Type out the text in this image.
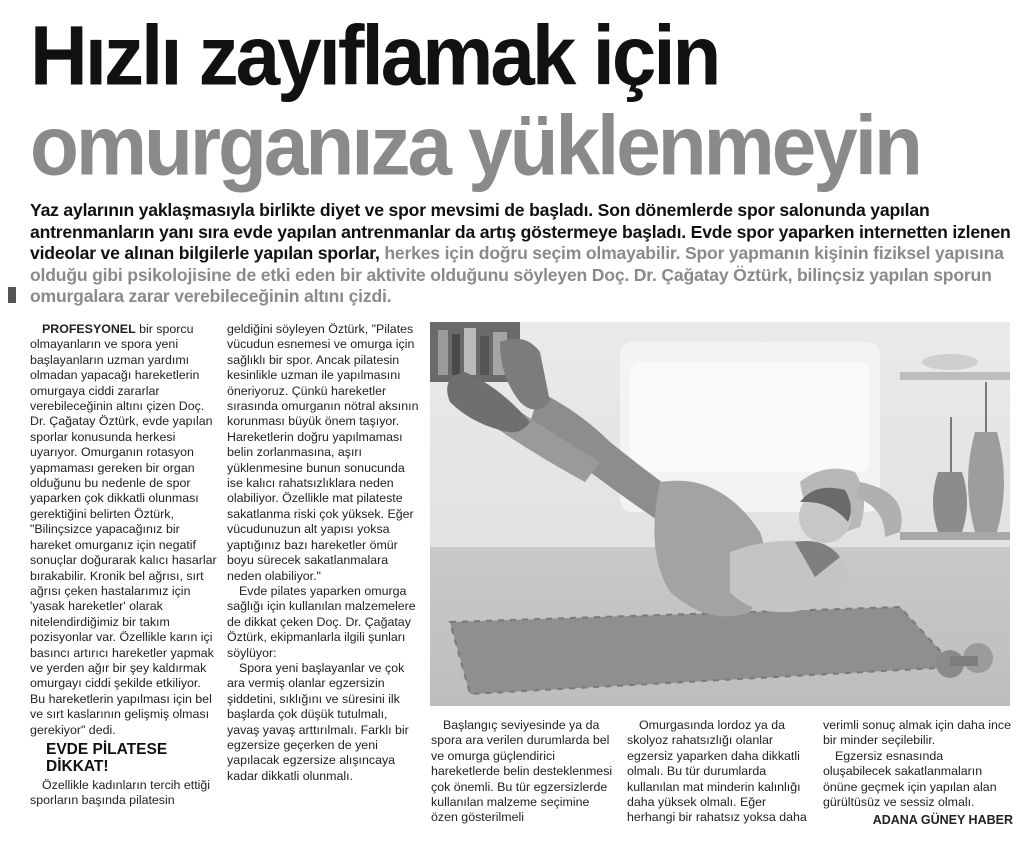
Hızlı zayıflamak için
omurganıza yüklenmeyin

Yaz aylarının yaklaşmasıyla birlikte diyet ve spor mevsimi de başladı. Son dönemlerde spor salonunda yapılan antrenmanların yanı sıra evde yapılan antrenmanlar da artış göstermeye başladı. Evde spor yaparken internetten izlenen videolar ve alınan bilgilerle yapılan sporlar, herkes için doğru seçim olmayabilir. Spor yapmanın kişinin fiziksel yapısına olduğu gibi psikolojisine de etki eden bir aktivite olduğunu söyleyen Doç. Dr. Çağatay Öztürk, bilinçsiz yapılan sporun omurgalara zarar verebileceğinin altını çizdi.

PROFESYONEL bir sporcu olmayanların ve spora yeni başlayanların uzman yardımı olmadan yapacağı hareketlerin omurgaya ciddi zararlar verebileceğinin altını çizen Doç. Dr. Çağatay Öztürk, evde yapılan sporlar konusunda herkesi uyarıyor. Omurganın rotasyon yapmaması gereken bir organ olduğunu bu nedenle de spor yaparken çok dikkatli olunması gerektiğini belirten Öztürk, "Bilinçsizce yapacağınız bir hareket omurganız için negatif sonuçlar doğurarak kalıcı hasarlar bırakabilir. Kronik bel ağrısı, sırt ağrısı çeken hastalarımız için 'yasak hareketler' olarak nitelendirdiğimiz bir takım pozisyonlar var. Özellikle karın içi basıncı artırıcı hareketler yapmak ve yerden ağır bir şey kaldırmak omurgayı ciddi şekilde etkiliyor. Bu hareketlerin yapılması için bel ve sırt kaslarının gelişmiş olması gerekiyor" dedi.

EVDE PİLATESE DİKKAT!

Özellikle kadınların tercih ettiği sporların başında pilatesin

geldiğini söyleyen Öztürk, "Pilates vücudun esnemesi ve omurga için sağlıklı bir spor. Ancak pilatesin kesinlikle uzman ile yapılmasını öneriyoruz. Çünkü hareketler sırasında omurganın nötral aksının korunması büyük önem taşıyor. Hareketlerin doğru yapılmaması belin zorlanmasına, aşırı yüklenmesine bunun sonucunda ise kalıcı rahatsızlıklara neden olabiliyor. Özellikle mat pilateste sakatlanma riski çok yüksek. Eğer vücudunuzun alt yapısı yoksa yaptığınız bazı hareketler ömür boyu sürecek sakatlanmalara neden olabiliyor."

Evde pilates yaparken omurga sağlığı için kullanılan malzemelere de dikkat çeken Doç. Dr. Çağatay Öztürk, ekipmanlarla ilgili şunları söylüyor:

Spora yeni başlayanlar ve çok ara vermiş olanlar egzersizin şiddetini, sıklığını ve süresini ilk başlarda çok düşük tutulmalı, yavaş yavaş arttırılmalı. Farklı bir egzersize geçerken de yeni yapılacak egzersize alışıncaya kadar dikkatli olunmalı.

Başlangıç seviyesinde ya da spora ara verilen durumlarda bel ve omurga güçlendirici hareketlerde belin desteklenmesi çok önemli. Bu tür egzersizlerde kullanılan malzeme seçimine özen gösterilmeli

Omurgasında lordoz ya da skolyoz rahatsızlığı olanlar egzersiz yaparken daha dikkatli olmalı. Bu tür durumlarda kullanılan mat minderin kalınlığı daha yüksek olmalı. Eğer herhangi bir rahatsız yoksa daha

verimli sonuç almak için daha ince bir minder seçilebilir.

Egzersiz esnasında oluşabilecek sakatlanmaların önüne geçmek için yapılan alan gürültüsüz ve sessiz olmalı.

ADANA GÜNEY HABER
